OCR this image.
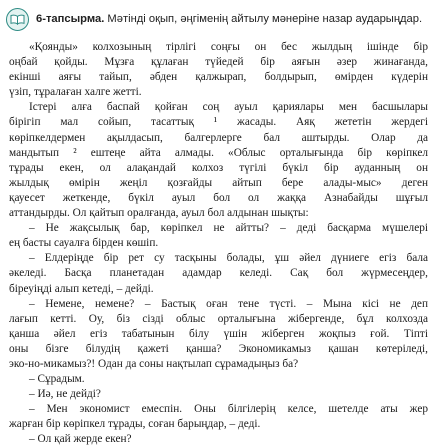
6-тапсырма. Мәтінді оқып, әңгіменің айтылу мәнеріне назар аударыңдар.
«Қоянды» колхозының тірлігі соңғы он бес жылдың ішінде бір
оңбай қойды. Мұзға құлаған түйедей бір аяғын әзер жинағанда,
екінші аяғы тайып, әбден қалжырап, болдырып, өмірден күдерін
үзіп, тұралаған халге жетті.
Істері алға баспай қойған соң ауыл қариялары мен басшылары
бірігіп мал сойып, тасаттық ¹ жасады. Аяқ жететін жердегі
көріпкелдермен ақылдасып, балгерлерге бал аштырды. Олар да
мандытып ² ештеңе айта алмады. «Облыс орталығында бір көріпкел
тұрады екен, ол алақандай колхоз түгілі бүкіл бір ауданның он
жылдық өмірін жеңіл қозғайды айтып бере алады-мыс» деген
қауесет жеткенде, бүкіл ауыл бол ол жаққа Азнабайды шұғыл
аттандырды. Ол қайтып оралғанда, ауыл бол алдынан шықты:
– Не жақсылық бар, көріпкел не айтты? – деді басқарма мүшелері
ең басты сауалға бірден көшіп.
– Елдерiңде бір рет су тасқыны болады, ұш әйел дүниеге егіз бала
әкеледі. Басқа планетадан адамдар келеді. Сақ бол жүрмесеңдер,
біреуіңді алып кетеді, – дейді.
– Немене, немене? – Бастық оған тене түсті. – Мына кісі не деп
лағып кетті. Оу, біз сізді облыс орталығына жібергенде, бұл колхозда
қанша әйел егіз табатынын білу үшін жіберген жоқпыз ғой. Тіпті
оны бізге білудің қажеті қанша? Экономикамыз қашан көтеріледі,
эко-но-микамыз?! Одан да соны нақтылап сұрамадыңыз ба?
– Сұрадым.
– Иә, не дейді?
– Мен экономист емеспін. Оны білгілерің келсе, шетелде аты жер
жарған бір көріпкел тұрады, соған барыңдар, – деді.
– Ол қай жерде екен?
